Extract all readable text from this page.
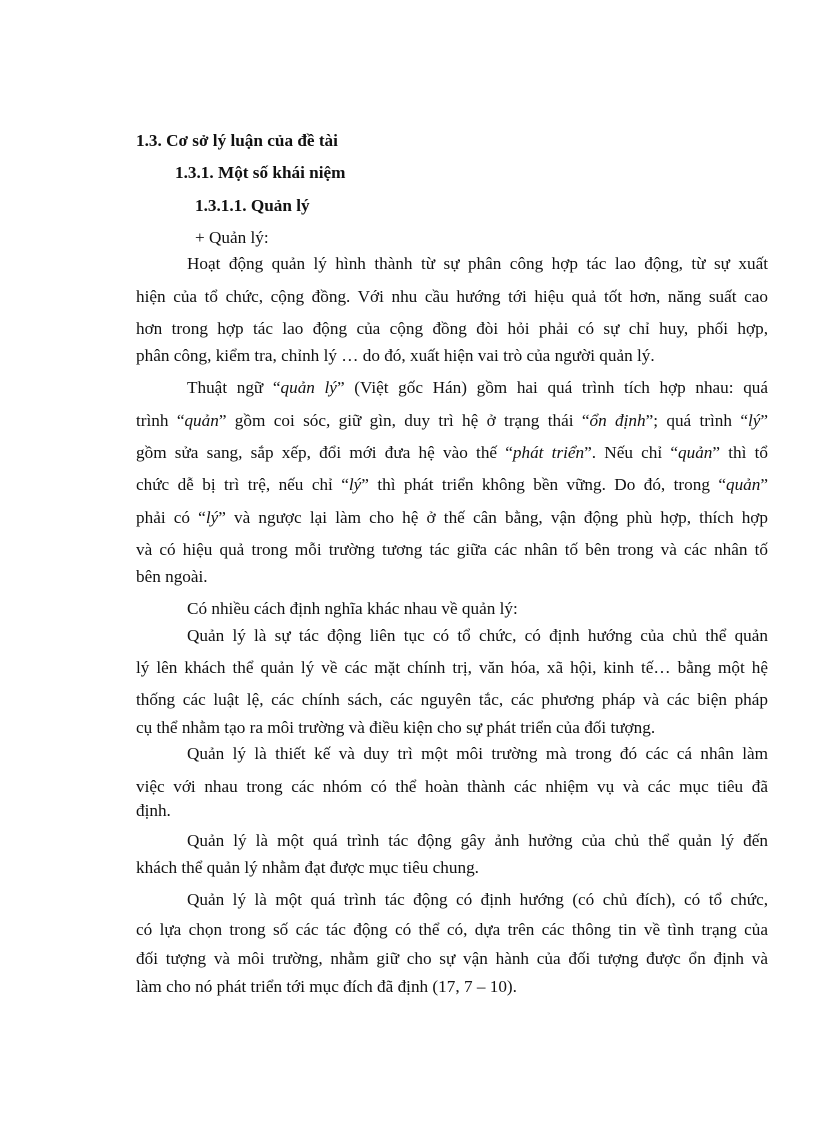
1.3. Cơ sở lý luận của đề tài
1.3.1. Một số khái niệm
1.3.1.1. Quản lý
+ Quản lý:
Hoạt động quản lý hình thành từ sự phân công hợp tác lao động, từ sự xuất
hiện của tổ chức, cộng đồng. Với nhu cầu hướng tới hiệu quả tốt hơn, năng suất cao
hơn trong hợp tác lao động của cộng đồng đòi hỏi phải có sự chỉ huy, phối hợp,
phân công, kiểm tra, chỉnh lý … do đó, xuất hiện vai trò của người quản lý.
Thuật ngữ “quản lý” (Việt gốc Hán) gồm hai quá trình tích hợp nhau: quá
trình “quản” gồm coi sóc, giữ gìn, duy trì hệ ở trạng thái “ổn định”; quá trình “lý”
gồm sửa sang, sắp xếp, đổi mới đưa hệ vào thế “phát triển”. Nếu chỉ “quản” thì tổ
chức dễ bị trì trệ, nếu chỉ “lý” thì phát triển không bền vững. Do đó, trong “quản”
phải có “lý” và ngược lại làm cho hệ ở thế cân bằng, vận động phù hợp, thích hợp
và có hiệu quả trong mỗi trường tương tác giữa các nhân tố bên trong và các nhân tố
bên ngoài.
Có nhiều cách định nghĩa khác nhau về quản lý:
Quản lý là sự tác động liên tục có tổ chức, có định hướng của chủ thể quản
lý lên khách thể quản lý về các mặt chính trị, văn hóa, xã hội, kinh tế… bằng một hệ
thống các luật lệ, các chính sách, các nguyên tắc, các phương pháp và các biện pháp
cụ thể nhằm tạo ra môi trường và điều kiện cho sự phát triển của đối tượng.
Quản lý là thiết kế và duy trì một môi trường mà trong đó các cá nhân làm
việc với nhau trong các nhóm có thể hoàn thành các nhiệm vụ và các mục tiêu đã
định.
Quản lý là một quá trình tác động gây ảnh hưởng của chủ thể quản lý đến
khách thể quản lý nhằm đạt được mục tiêu chung.
Quản lý là một quá trình tác động có định hướng (có chủ đích), có tổ chức,
có lựa chọn trong số các tác động có thể có, dựa trên các thông tin về tình trạng của
đối tượng và môi trường, nhằm giữ cho sự vận hành của đối tượng được ổn định và
làm cho nó phát triển tới mục đích đã định (17, 7 – 10).
